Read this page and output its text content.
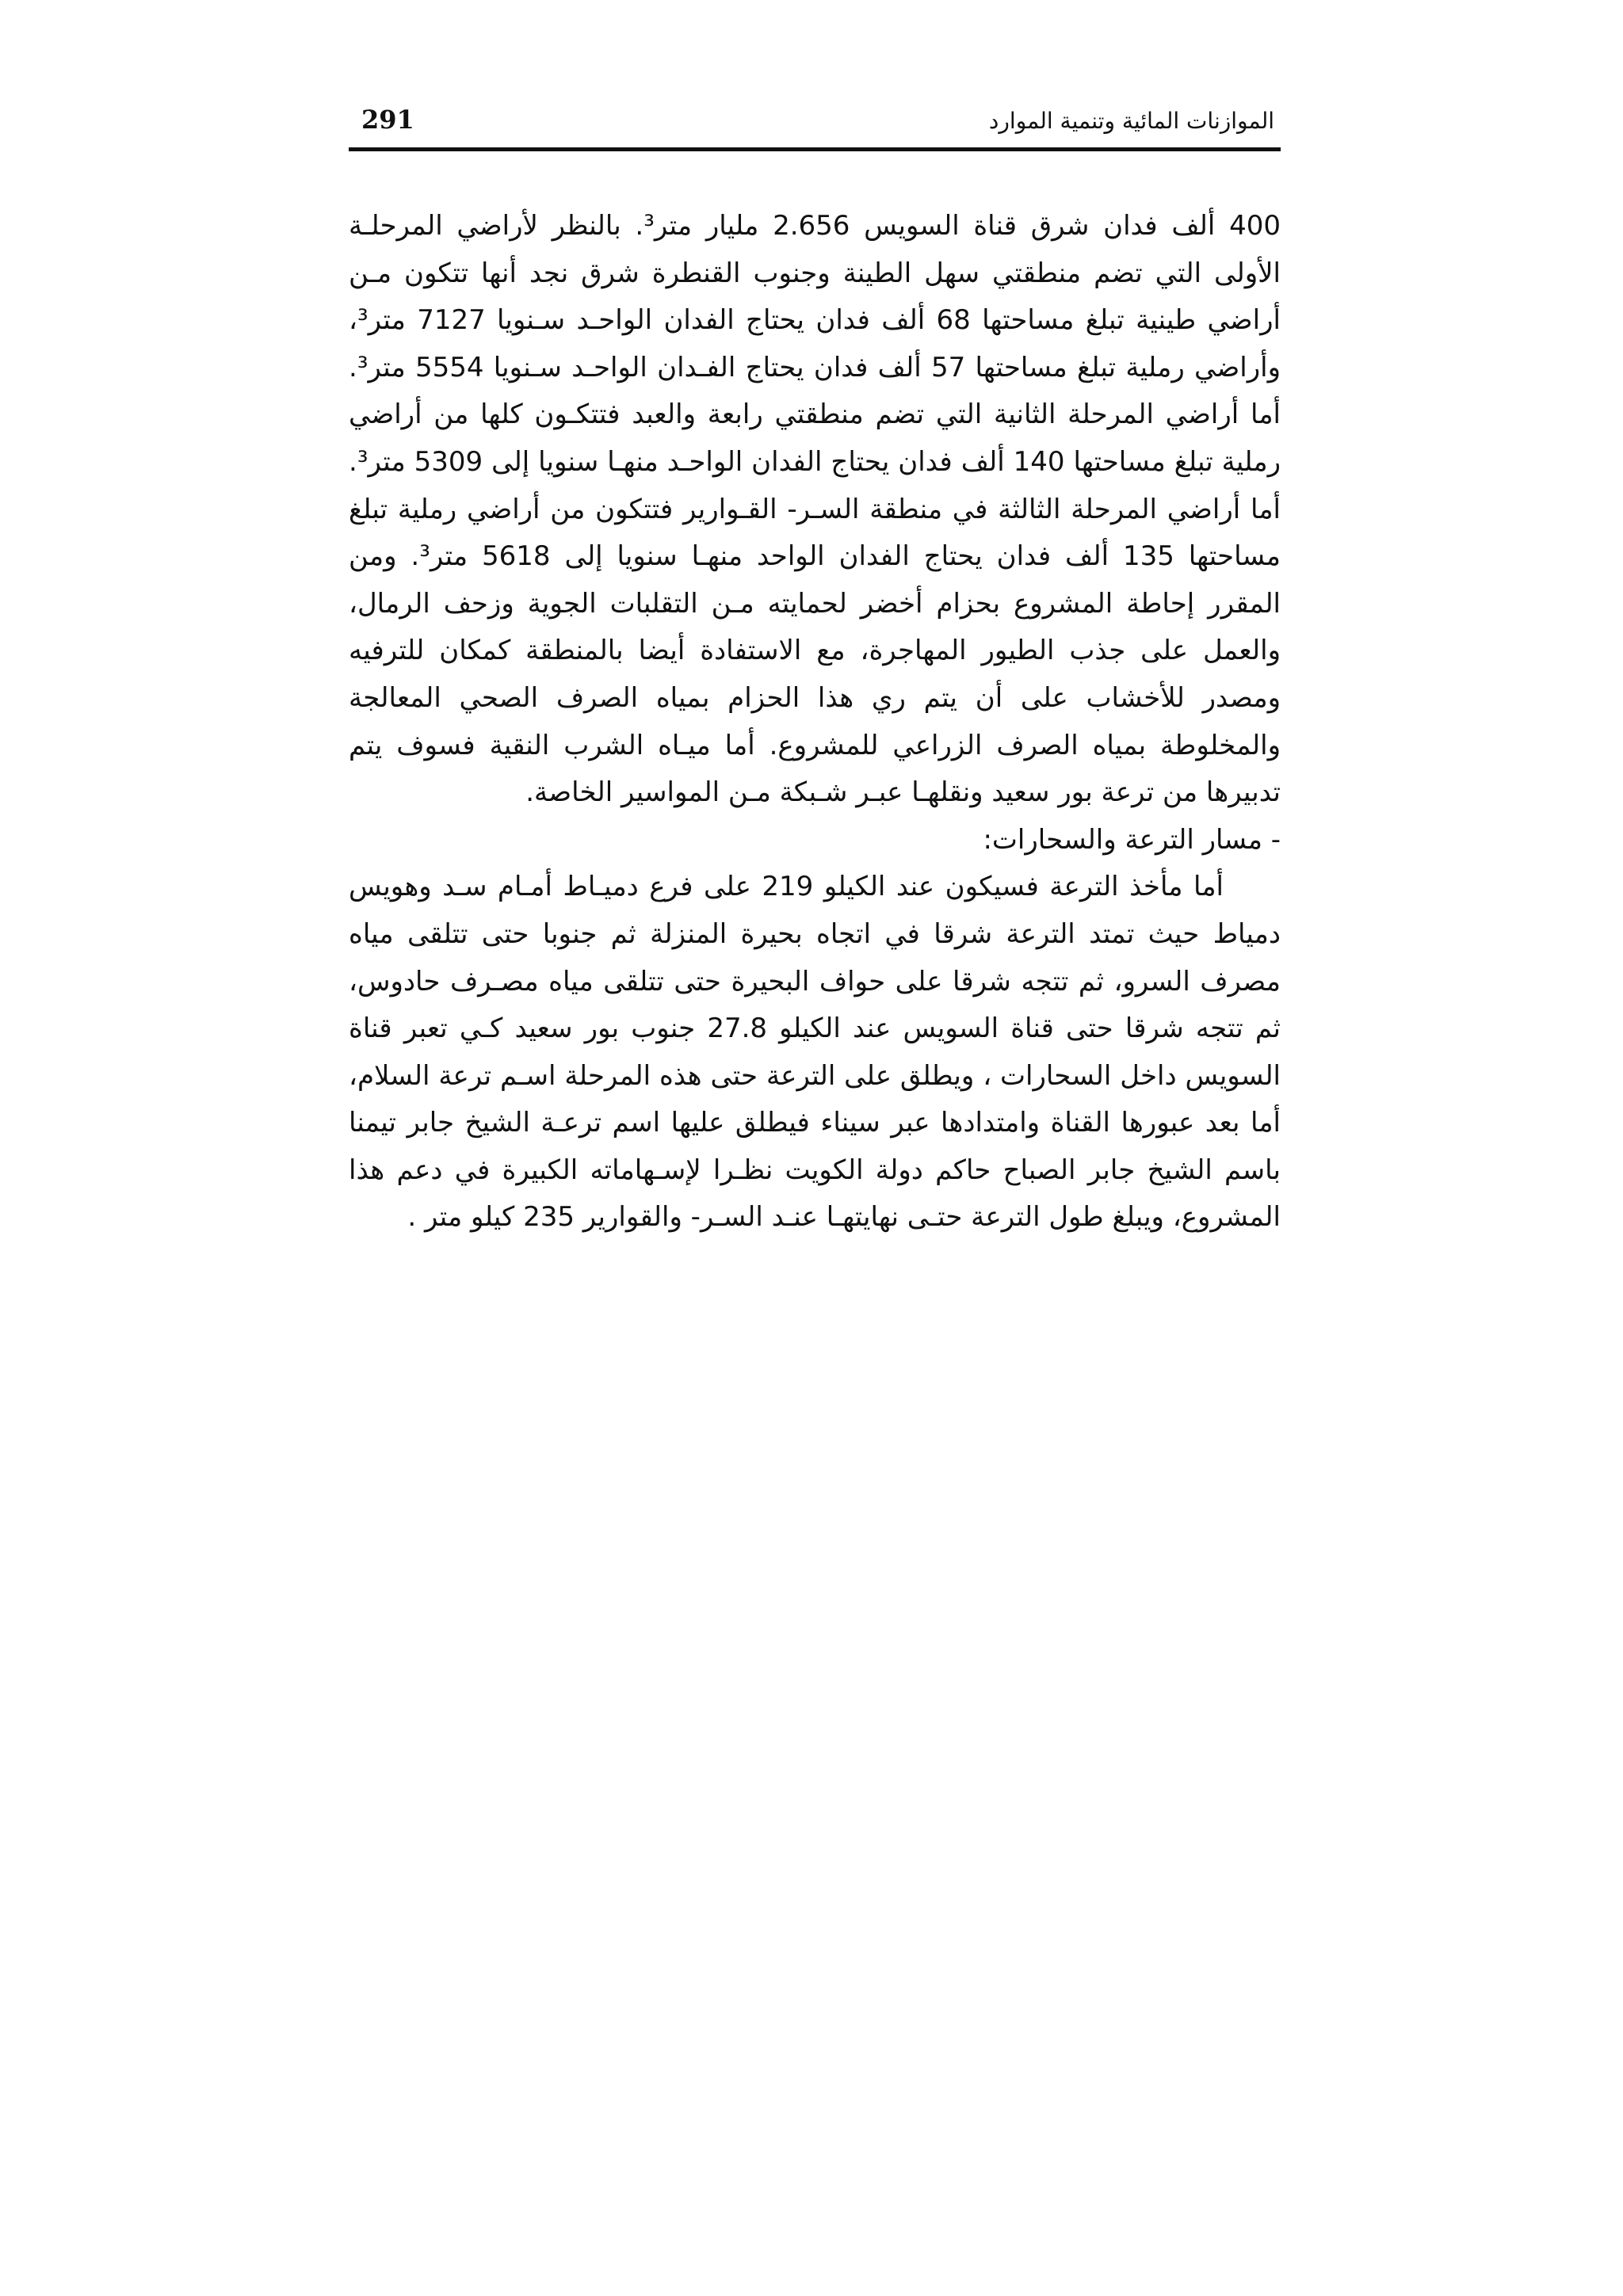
الموازنات المائية وتنمية الموارد
291

400 ألف فدان شرق قناة السويس 2.656 مليار متر³. بالنظر لأراضي المرحلـة الأولى التي تضم منطقتي سهل الطينة وجنوب القنطرة شرق نجد أنها تتكون مـن أراضي طينية تبلغ مساحتها 68 ألف فدان يحتاج الفدان الواحـد سـنويا 7127 متر³، وأراضي رملية تبلغ مساحتها 57 ألف فدان يحتاج الفـدان الواحـد سـنويا 5554 متر³. أما أراضي المرحلة الثانية التي تضم منطقتي رابعة والعبد فتتكـون كلها من أراضي رملية تبلغ مساحتها 140 ألف فدان يحتاج الفدان الواحـد منهـا سنويا إلى 5309 متر³. أما أراضي المرحلة الثالثة في منطقة السـر- القـوارير فتتكون من أراضي رملية تبلغ مساحتها 135 ألف فدان يحتاج الفدان الواحد منهـا سنويا إلى 5618 متر³. ومن المقرر إحاطة المشروع بحزام أخضر لحمايته مـن التقلبات الجوية وزحف الرمال، والعمل على جذب الطيور المهاجرة، مع الاستفادة أيضا بالمنطقة كمكان للترفيه ومصدر للأخشاب على أن يتم ري هذا الحزام بمياه الصرف الصحي المعالجة والمخلوطة بمياه الصرف الزراعي للمشروع. أما ميـاه الشرب النقية فسوف يتم تدبيرها من ترعة بور سعيد ونقلهـا عبـر شـبكة مـن المواسير الخاصة.

- مسار الترعة والسحارات:

أما مأخذ الترعة فسيكون عند الكيلو 219 على فرع دميـاط أمـام سـد وهويس دمياط حيث تمتد الترعة شرقا في اتجاه بحيرة المنزلة ثم جنوبا حتى تتلقى مياه مصرف السرو، ثم تتجه شرقا على حواف البحيرة حتى تتلقى مياه مصـرف حادوس، ثم تتجه شرقا حتى قناة السويس عند الكيلو 27.8 جنوب بور سعيد كـي تعبر قناة السويس داخل السحارات ، ويطلق على الترعة حتى هذه المرحلة اسـم ترعة السلام، أما بعد عبورها القناة وامتدادها عبر سيناء فيطلق عليها اسم ترعـة الشيخ جابر تيمنا باسم الشيخ جابر الصباح حاكم دولة الكويت نظـرا لإسـهاماته الكبيرة في دعم هذا المشروع، ويبلغ طول الترعة حتـى نهايتهـا عنـد السـر- والقوارير 235 كيلو متر .
